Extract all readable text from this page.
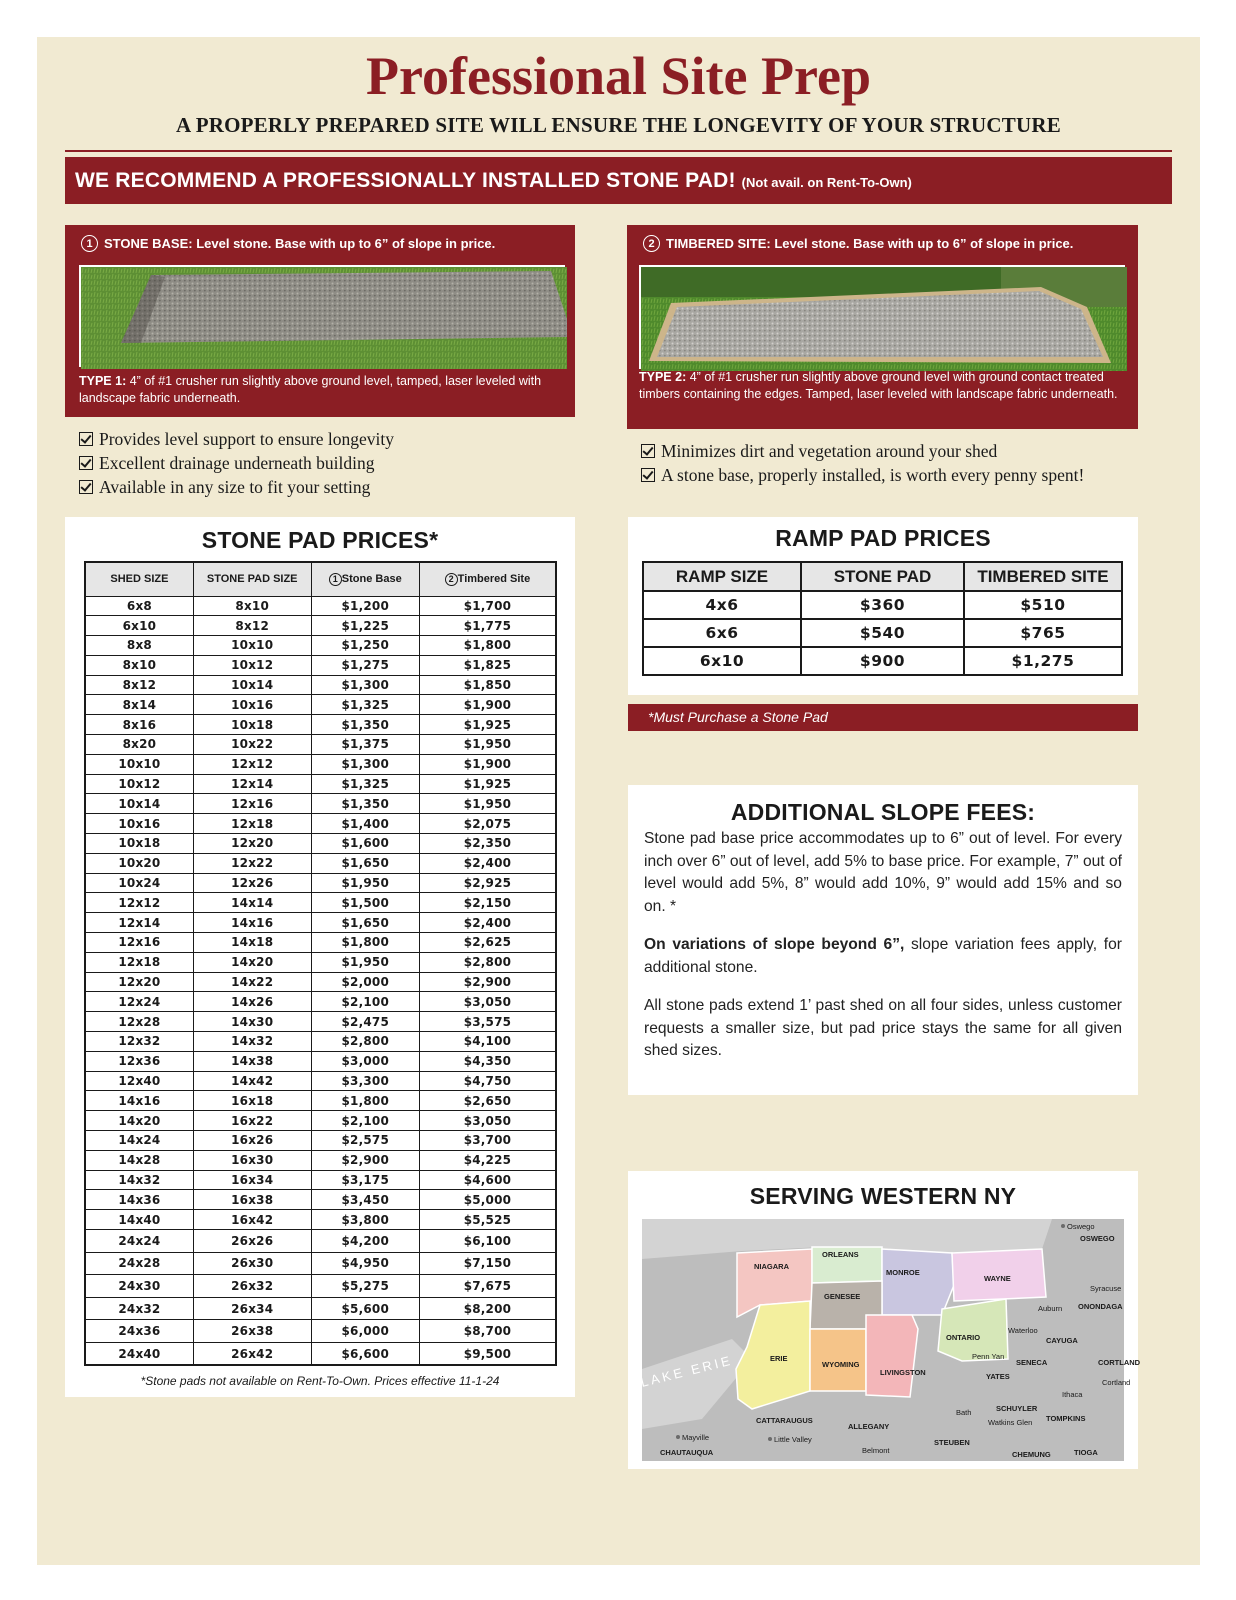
Professional Site Prep
A PROPERLY PREPARED SITE WILL ENSURE THE LONGEVITY OF YOUR STRUCTURE
WE RECOMMEND A PROFESSIONALLY INSTALLED STONE PAD! (Not avail. on Rent-To-Own)
1 STONE BASE: Level stone. Base with up to 6” of slope in price.
TYPE 1: 4” of #1 crusher run slightly above ground level, tamped, laser leveled with landscape fabric underneath.
Provides level support to ensure longevity
Excellent drainage underneath building
Available in any size to fit your setting
2 TIMBERED SITE: Level stone. Base with up to 6” of slope in price.
TYPE 2: 4” of #1 crusher run slightly above ground level with ground contact treated timbers containing the edges. Tamped, laser leveled with landscape fabric underneath.
Minimizes dirt and vegetation around your shed
A stone base, properly installed, is worth every penny spent!
STONE PAD PRICES*
SHED SIZE	STONE PAD SIZE	1 Stone Base	2 Timbered Site
6x8	8x10	$1,200	$1,700
6x10	8x12	$1,225	$1,775
8x8	10x10	$1,250	$1,800
8x10	10x12	$1,275	$1,825
8x12	10x14	$1,300	$1,850
8x14	10x16	$1,325	$1,900
8x16	10x18	$1,350	$1,925
8x20	10x22	$1,375	$1,950
10x10	12x12	$1,300	$1,900
10x12	12x14	$1,325	$1,925
10x14	12x16	$1,350	$1,950
10x16	12x18	$1,400	$2,075
10x18	12x20	$1,600	$2,350
10x20	12x22	$1,650	$2,400
10x24	12x26	$1,950	$2,925
12x12	14x14	$1,500	$2,150
12x14	14x16	$1,650	$2,400
12x16	14x18	$1,800	$2,625
12x18	14x20	$1,950	$2,800
12x20	14x22	$2,000	$2,900
12x24	14x26	$2,100	$3,050
12x28	14x30	$2,475	$3,575
12x32	14x32	$2,800	$4,100
12x36	14x38	$3,000	$4,350
12x40	14x42	$3,300	$4,750
14x16	16x18	$1,800	$2,650
14x20	16x22	$2,100	$3,050
14x24	16x26	$2,575	$3,700
14x28	16x30	$2,900	$4,225
14x32	16x34	$3,175	$4,600
14x36	16x38	$3,450	$5,000
14x40	16x42	$3,800	$5,525
24x24	26x26	$4,200	$6,100
24x28	26x30	$4,950	$7,150
24x30	26x32	$5,275	$7,675
24x32	26x34	$5,600	$8,200
24x36	26x38	$6,000	$8,700
24x40	26x42	$6,600	$9,500
*Stone pads not available on Rent-To-Own. Prices effective 11-1-24
RAMP PAD PRICES
RAMP SIZE	STONE PAD	TIMBERED SITE
4x6	$360	$510
6x6	$540	$765
6x10	$900	$1,275
*Must Purchase a Stone Pad
ADDITIONAL SLOPE FEES:

Stone pad base price accommodates up to 6” out of level. For every inch over 6” out of level, add 5% to base price. For example, 7” out of level would add 5%, 8” would add 10%, 9” would add 15% and so on. *

On variations of slope beyond 6”, slope variation fees apply, for additional stone.

All stone pads extend 1’ past shed on all four sides, unless customer requests a smaller size, but pad price stays the same for all given shed sizes.

SERVING WESTERN NY
NIAGARA
ORLEANS
MONROE
WAYNE
GENESEE
ERIE
WYOMING
LIVINGSTON
ONTARIO
SENECA
YATES
CAYUGA
SCHUYLER
TOMPKINS
CATTARAUGUS
ALLEGANY
STEUBEN
CHEMUNG	TIOGA
CHAUTAUQUA
ONONDAGA
OSWEGO
CORTLAND
LAKE ERIE
Oswego
Syracuse
Auburn
Waterloo
Penn Yan
Ithaca
Cortland
Bath
Watkins Glen
Mayville	Little Valley
Belmont
